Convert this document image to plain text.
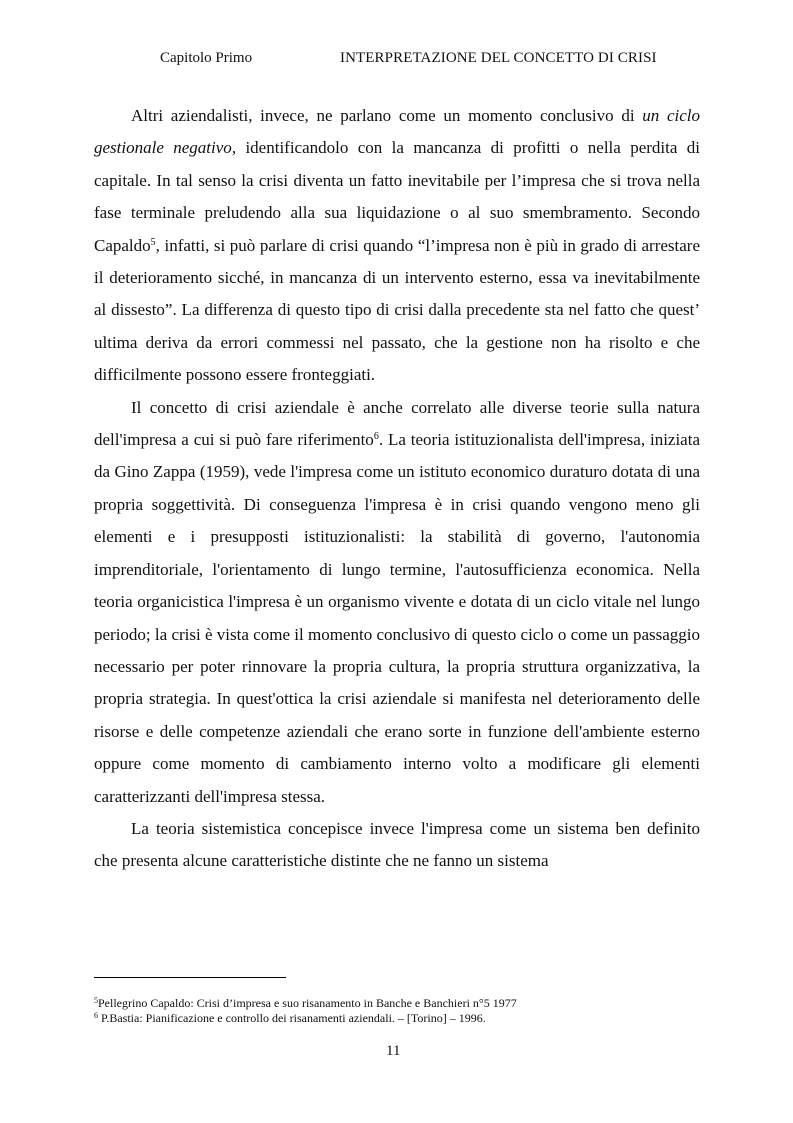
Capitolo Primo	INTERPRETAZIONE DEL CONCETTO DI CRISI

Altri aziendalisti, invece, ne parlano come un momento conclusivo di un ciclo gestionale negativo, identificandolo con la mancanza di profitti o nella perdita di capitale. In tal senso la crisi diventa un fatto inevitabile per l’impresa che si trova nella fase terminale preludendo alla sua liquidazione o al suo smembramento. Secondo Capaldo$^5$, infatti, si può parlare di crisi quando “l’impresa non è più in grado di arrestare il deterioramento sicché, in mancanza di un intervento esterno, essa va inevitabilmente al dissesto”. La differenza di questo tipo di crisi dalla precedente sta nel fatto che quest’ ultima deriva da errori commessi nel passato, che la gestione non ha risolto e che difficilmente possono essere fronteggiati.

Il concetto di crisi aziendale è anche correlato alle diverse teorie sulla natura dell'impresa a cui si può fare riferimento$^6$. La teoria istituzionalista dell'impresa, iniziata da Gino Zappa (1959), vede l'impresa come un istituto economico duraturo dotata di una propria soggettività. Di conseguenza l'impresa è in crisi quando vengono meno gli elementi e i presupposti istituzionalisti: la stabilità di governo, l'autonomia imprenditoriale, l'orientamento di lungo termine, l'autosufficienza economica. Nella teoria organicistica l'impresa è un organismo vivente e dotata di un ciclo vitale nel lungo periodo; la crisi è vista come il momento conclusivo di questo ciclo o come un passaggio necessario per poter rinnovare la propria cultura, la propria struttura organizzativa, la propria strategia. In quest'ottica la crisi aziendale si manifesta nel deterioramento delle risorse e delle competenze aziendali che erano sorte in funzione dell'ambiente esterno oppure come momento di cambiamento interno volto a modificare gli elementi caratterizzanti dell'impresa stessa.

La teoria sistemistica concepisce invece l'impresa come un sistema ben definito che presenta alcune caratteristiche distinte che ne fanno un sistema

$^5$Pellegrino Capaldo: Crisi d’impresa e suo risanamento in Banche e Banchieri n°5 1977
$^6$ P.Bastia: Pianificazione e controllo dei risanamenti aziendali. – [Torino] – 1996.
11
